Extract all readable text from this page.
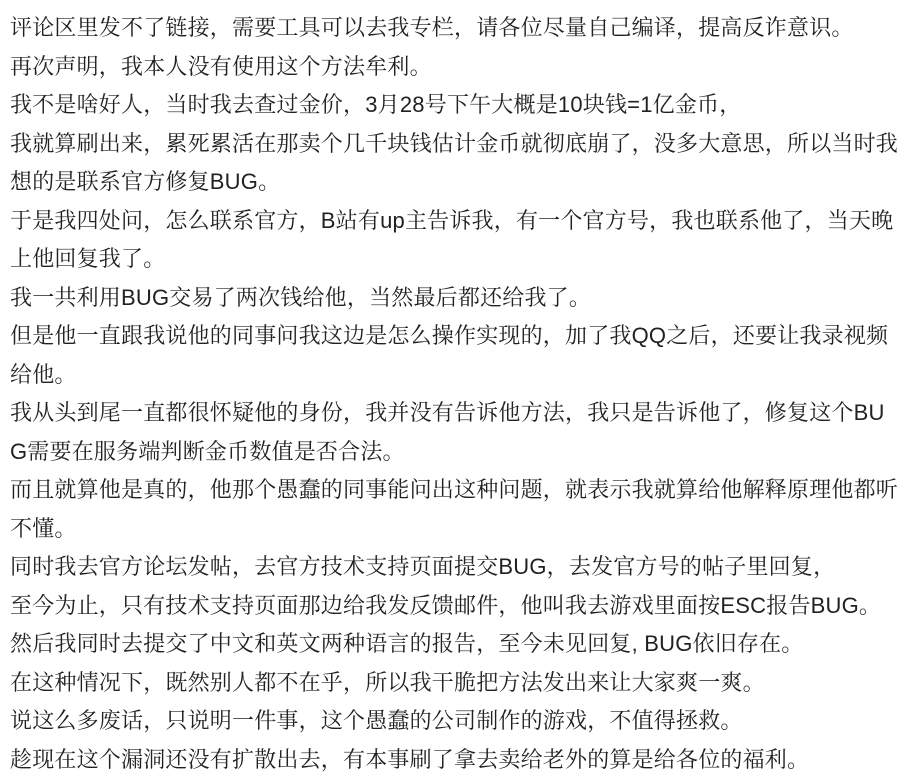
评论区里发不了链接，需要工具可以去我专栏，请各位尽量自己编译，提高反诈意识。

再次声明，我本人没有使用这个方法牟利。

我不是啥好人，当时我去查过金价，3月28号下午大概是10块钱=1亿金币，

我就算刷出来，累死累活在那卖个几千块钱估计金币就彻底崩了，没多大意思，所以当时我想的是联系官方修复BUG。

于是我四处问，怎么联系官方，B站有up主告诉我，有一个官方号，我也联系他了，当天晚上他回复我了。

我一共利用BUG交易了两次钱给他，当然最后都还给我了。

但是他一直跟我说他的同事问我这边是怎么操作实现的，加了我QQ之后，还要让我录视频给他。

我从头到尾一直都很怀疑他的身份，我并没有告诉他方法，我只是告诉他了，修复这个BUG需要在服务端判断金币数值是否合法。

而且就算他是真的，他那个愚蠢的同事能问出这种问题，就表示我就算给他解释原理他都听不懂。

同时我去官方论坛发帖，去官方技术支持页面提交BUG，去发官方号的帖子里回复，

至今为止，只有技术支持页面那边给我发反馈邮件，他叫我去游戏里面按ESC报告BUG。

然后我同时去提交了中文和英文两种语言的报告，至今未见回复, BUG依旧存在。

在这种情况下，既然别人都不在乎，所以我干脆把方法发出来让大家爽一爽。

说这么多废话，只说明一件事，这个愚蠢的公司制作的游戏，不值得拯救。

趁现在这个漏洞还没有扩散出去，有本事刷了拿去卖给老外的算是给各位的福利。
